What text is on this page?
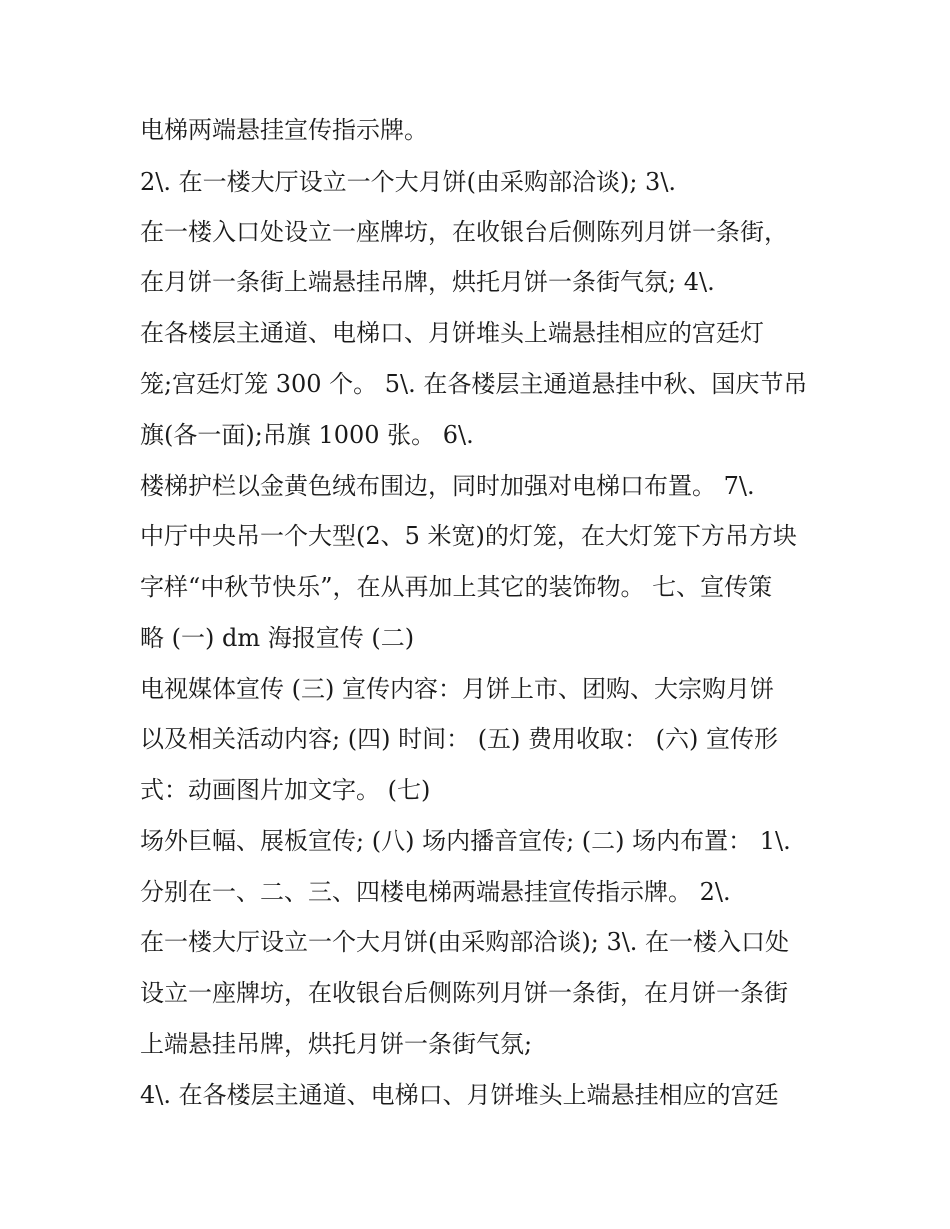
电梯两端悬挂宣传指示牌。
2\. 在一楼大厅设立一个大月饼(由采购部洽谈); 3\.
在一楼入口处设立一座牌坊，在收银台后侧陈列月饼一条街，
在月饼一条街上端悬挂吊牌，烘托月饼一条街气氛; 4\.
在各楼层主通道、电梯口、月饼堆头上端悬挂相应的宫廷灯
笼;宫廷灯笼 300 个。 5\. 在各楼层主通道悬挂中秋、国庆节吊
旗(各一面);吊旗 1000 张。 6\.
楼梯护栏以金黄色绒布围边，同时加强对电梯口布置。 7\.
中厅中央吊一个大型(2、5 米宽)的灯笼，在大灯笼下方吊方块
字样“中秋节快乐”，在从再加上其它的装饰物。 七、宣传策
略 (一) dm 海报宣传 (二)
电视媒体宣传 (三) 宣传内容：月饼上市、团购、大宗购月饼
以及相关活动内容; (四) 时间： (五) 费用收取： (六) 宣传形
式：动画图片加文字。 (七)
场外巨幅、展板宣传; (八) 场内播音宣传; (二) 场内布置： 1\.
分别在一、二、三、四楼电梯两端悬挂宣传指示牌。 2\.
在一楼大厅设立一个大月饼(由采购部洽谈); 3\. 在一楼入口处
设立一座牌坊，在收银台后侧陈列月饼一条街，在月饼一条街
上端悬挂吊牌，烘托月饼一条街气氛;
4\. 在各楼层主通道、电梯口、月饼堆头上端悬挂相应的宫廷
